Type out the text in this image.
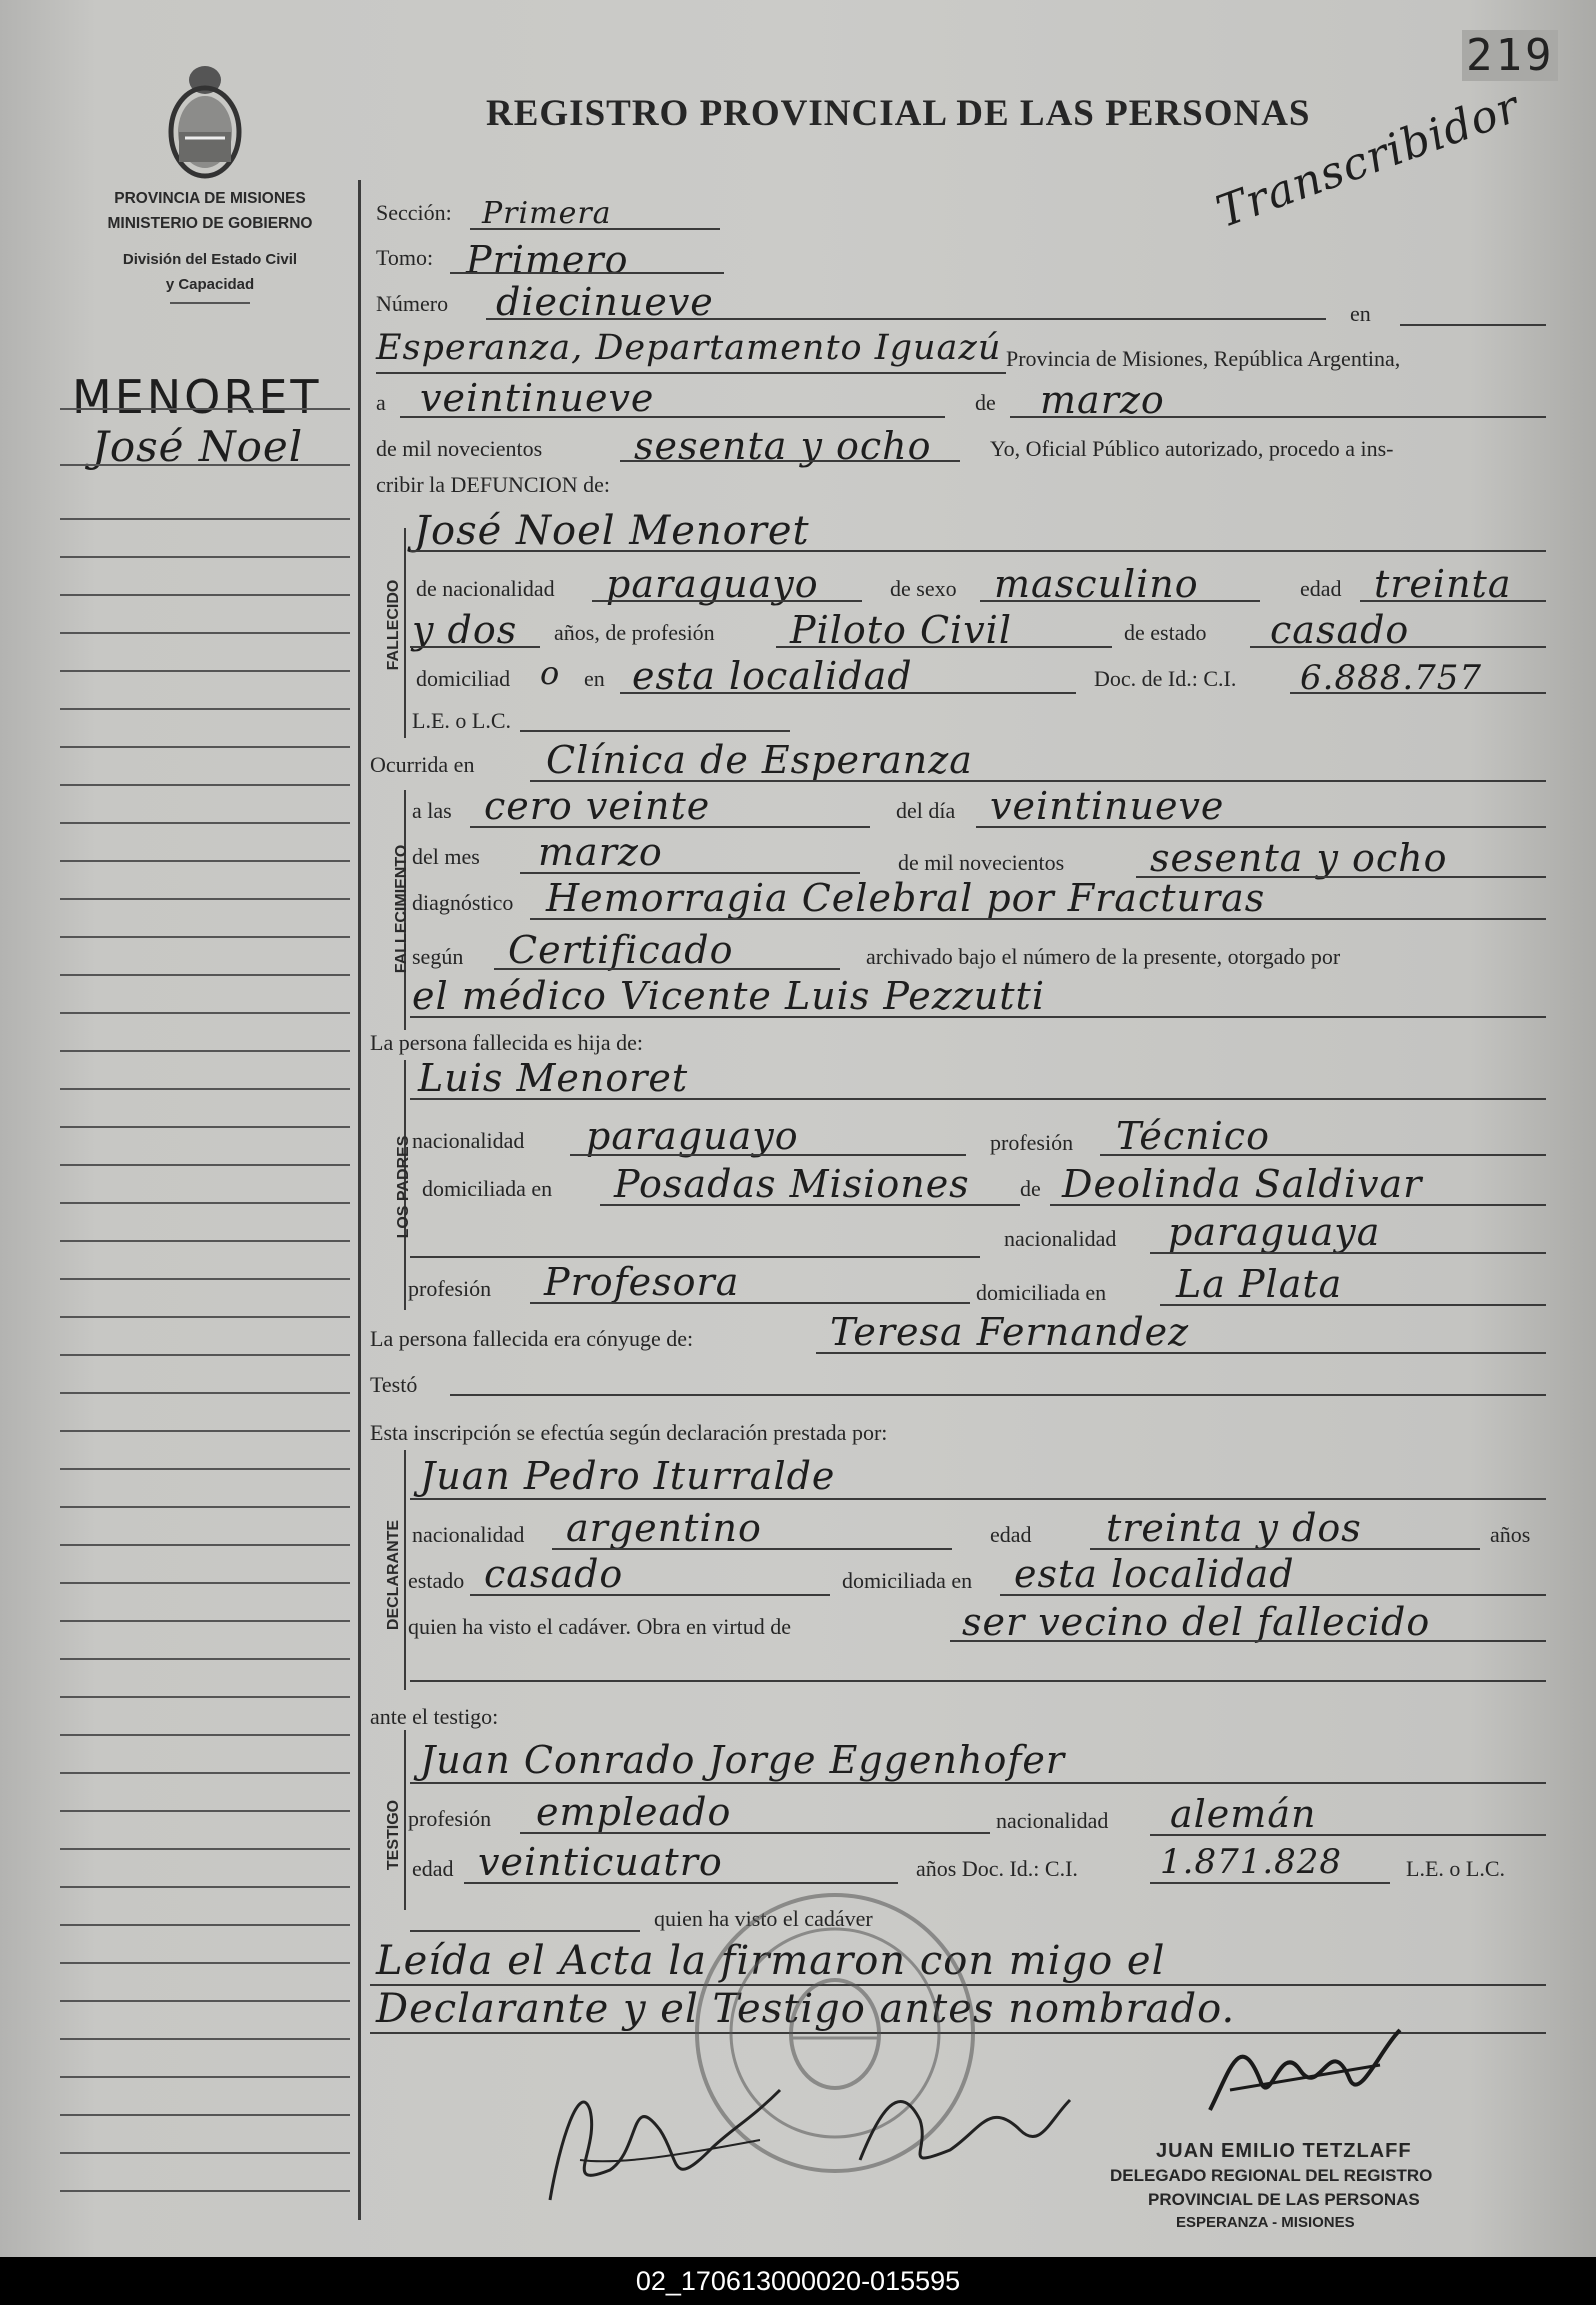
219
REGISTRO PROVINCIAL DE LAS PERSONAS
Transcribidor
PROVINCIA DE MISIONES
MINISTERIO DE GOBIERNO
División del Estado Civil
y Capacidad
MENORET
José Noel
Sección: Primera
Tomo: Primero
Número diecinueve	en
Esperanza, Departamento Iguazú Provincia de Misiones, República Argentina,
a veintinueve	de marzo
de mil novecientos sesenta y ocho	Yo, Oficial Público autorizado, procedo a ins-
cribir la DEFUNCION de:
FALLECIDO
José Noel Menoret
de nacionalidad paraguayo	de sexo masculino	edad treinta
y dos años, de profesión Piloto Civil	de estado casado
domiciliad o en esta localidad	Doc. de Id.: C.I. 6.888.757
L.E. o L.C.
Ocurrida en Clínica de Esperanza
FALLECIMIENTO
a las cero veinte	del día veintinueve
del mes marzo	de mil novecientos sesenta y ocho
diagnóstico Hemorragia Celebral por Fracturas
según Certificado	archivado bajo el número de la presente, otorgado por
el médico Vicente Luis Pezzutti
La persona fallecida es hija de:
LOS PADRES
Luis Menoret
nacionalidad paraguayo	profesión Técnico
domiciliada en Posadas Misiones de Deolinda Saldivar
nacionalidad paraguaya
profesión Profesora	domiciliada en La Plata
La persona fallecida era cónyuge de:	Teresa Fernandez
Testó
Esta inscripción se efectúa según declaración prestada por:
DECLARANTE
Juan Pedro Iturralde
nacionalidad argentino	edad treinta y dos	años
estado casado	domiciliada en esta localidad
quien ha visto el cadáver. Obra en virtud de	ser vecino del fallecido
ante el testigo:
TESTIGO
Juan Conrado Jorge Eggenhofer
profesión empleado	nacionalidad alemán
edad veinticuatro	años Doc. Id.: C.I. 1.871.828	L.E. o L.C.
quien ha visto el cadáver
Leída el Acta la firmaron con migo el
Declarante y el Testigo antes nombrado.
JUAN EMILIO TETZLAFF
DELEGADO REGIONAL DEL REGISTRO
PROVINCIAL DE LAS PERSONAS
ESPERANZA - MISIONES
02_170613000020-015595
